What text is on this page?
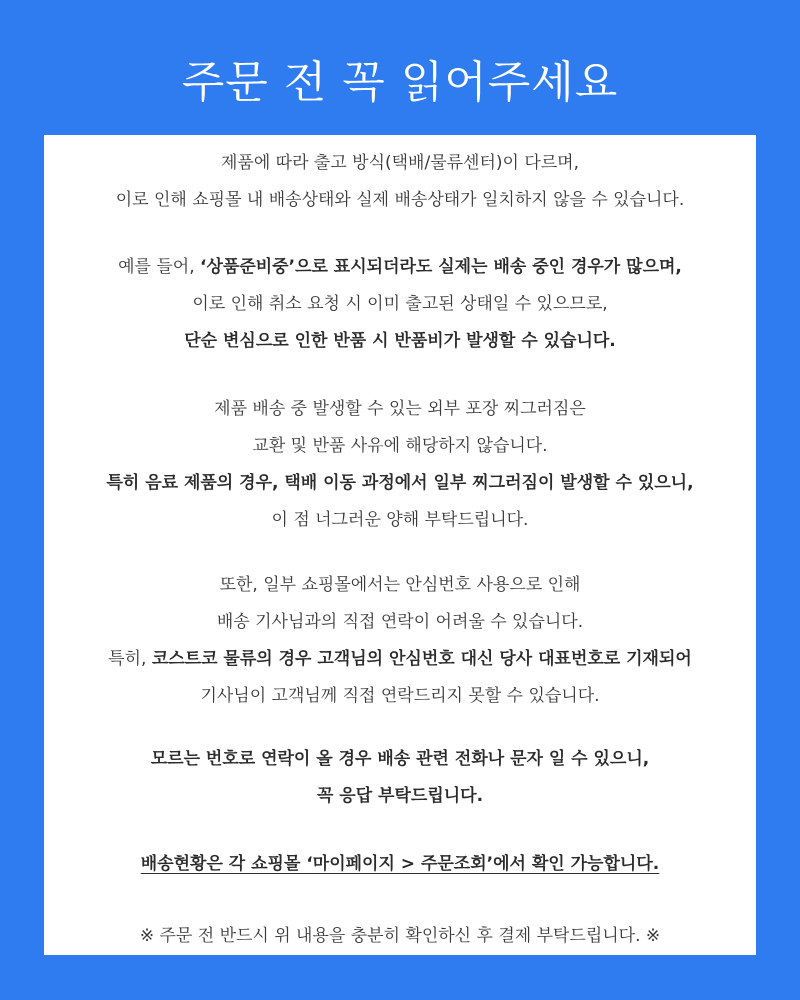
주문 전 꼭 읽어주세요
제품에 따라 출고 방식(택배/물류센터)이 다르며,
이로 인해 쇼핑몰 내 배송상태와 실제 배송상태가 일치하지 않을 수 있습니다.
예를 들어, ‘상품준비중’으로 표시되더라도 실제는 배송 중인 경우가 많으며,
이로 인해 취소 요청 시 이미 출고된 상태일 수 있으므로,
단순 변심으로 인한 반품 시 반품비가 발생할 수 있습니다.
제품 배송 중 발생할 수 있는 외부 포장 찌그러짐은
교환 및 반품 사유에 해당하지 않습니다.
특히 음료 제품의 경우, 택배 이동 과정에서 일부 찌그러짐이 발생할 수 있으니,
이 점 너그러운 양해 부탁드립니다.
또한, 일부 쇼핑몰에서는 안심번호 사용으로 인해
배송 기사님과의 직접 연락이 어려울 수 있습니다.
특히, 코스트코 물류의 경우 고객님의 안심번호 대신 당사 대표번호로 기재되어
기사님이 고객님께 직접 연락드리지 못할 수 있습니다.
모르는 번호로 연락이 올 경우 배송 관련 전화나 문자 일 수 있으니,
꼭 응답 부탁드립니다.
배송현황은 각 쇼핑몰 ‘마이페이지 > 주문조회’에서 확인 가능합니다.
※ 주문 전 반드시 위 내용을 충분히 확인하신 후 결제 부탁드립니다. ※
